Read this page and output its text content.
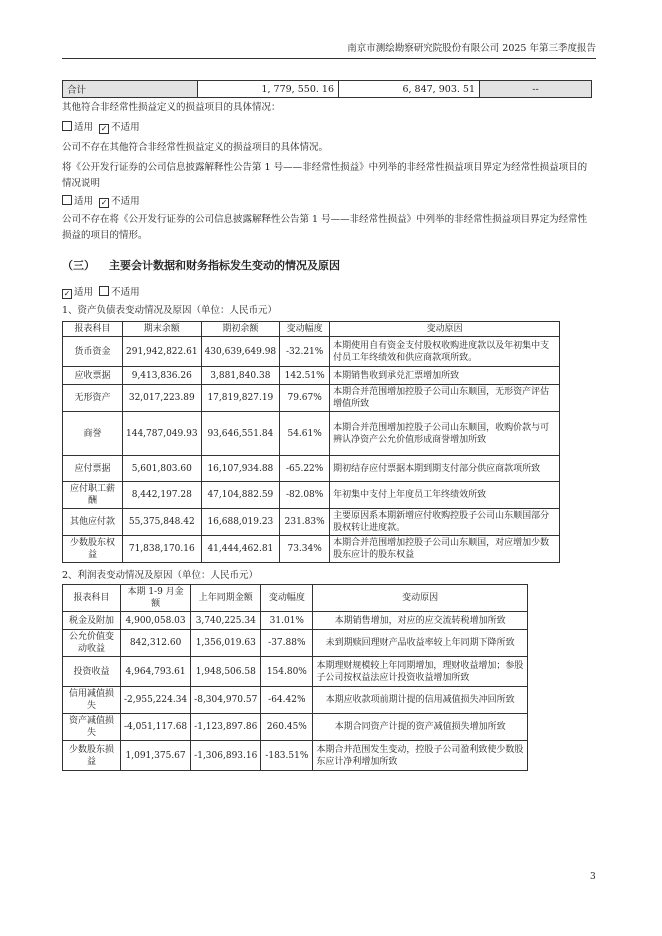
南京市测绘勘察研究院股份有限公司 2025 年第三季度报告
合计	1, 779, 550. 16	6, 847, 903. 51	--
其他符合非经常性损益定义的损益项目的具体情况：
适用 ✓ 不适用
公司不存在其他符合非经常性损益定义的损益项目的具体情况。
将《公开发行证券的公司信息披露解释性公告第 1 号——非经常性损益》中列举的非经常性损益项目界定为经常性损益项目的情况说明
适用 ✓ 不适用
公司不存在将《公开发行证券的公司信息披露解释性公告第 1 号——非经常性损益》中列举的非经常性损益项目界定为经常性损益的项目的情形。
（三） 主要会计数据和财务指标发生变动的情况及原因
✓ 适用 不适用
1、资产负债表变动情况及原因（单位：人民币元）
报表科目	期末余额	期初余额	变动幅度	变动原因
货币资金	291,942,822.61	430,639,649.98	-32.21%	本期使用自有资金支付股权收购进度款以及年初集中支付员工年终绩效和供应商款项所致。
应收票据	9,413,836.26	3,881,840.38	142.51%	本期销售收到承兑汇票增加所致
无形资产	32,017,223.89	17,819,827.19	79.67%	本期合并范围增加控股子公司山东顺国，无形资产评估增值所致
商誉	144,787,049.93	93,646,551.84	54.61%	本期合并范围增加控股子公司山东顺国，收购价款与可辨认净资产公允价值形成商誉增加所致
应付票据	5,601,803.60	16,107,934.88	-65.22%	期初结存应付票据本期到期支付部分供应商款项所致
应付职工薪酬	8,442,197.28	47,104,882.59	-82.08%	年初集中支付上年度员工年终绩效所致
其他应付款	55,375,848.42	16,688,019.23	231.83%	主要原因系本期新增应付收购控股子公司山东顺国部分股权转让进度款。
少数股东权益	71,838,170.16	41,444,462.81	73.34%	本期合并范围增加控股子公司山东顺国，对应增加少数股东应计的股东权益
2、利润表变动情况及原因（单位：人民币元）
报表科目	本期 1-9 月金额	上年同期金额	变动幅度	变动原因
税金及附加	4,900,058.03	3,740,225.34	31.01%	本期销售增加，对应的应交流转税增加所致
公允价值变动收益	842,312.60	1,356,019.63	-37.88%	未到期赎回理财产品收益率较上年同期下降所致
投资收益	4,964,793.61	1,948,506.58	154.80%	本期理财规模较上年同期增加，理财收益增加；参股子公司按权益法应计投资收益增加所致
信用减值损失	-2,955,224.34	-8,304,970.57	-64.42%	本期应收款项前期计提的信用减值损失冲回所致
资产减值损失	-4,051,117.68	-1,123,897.86	260.45%	本期合同资产计提的资产减值损失增加所致
少数股东损益	1,091,375.67	-1,306,893.16	-183.51%	本期合并范围发生变动，控股子公司盈利致使少数股东应计净利增加所致
3
